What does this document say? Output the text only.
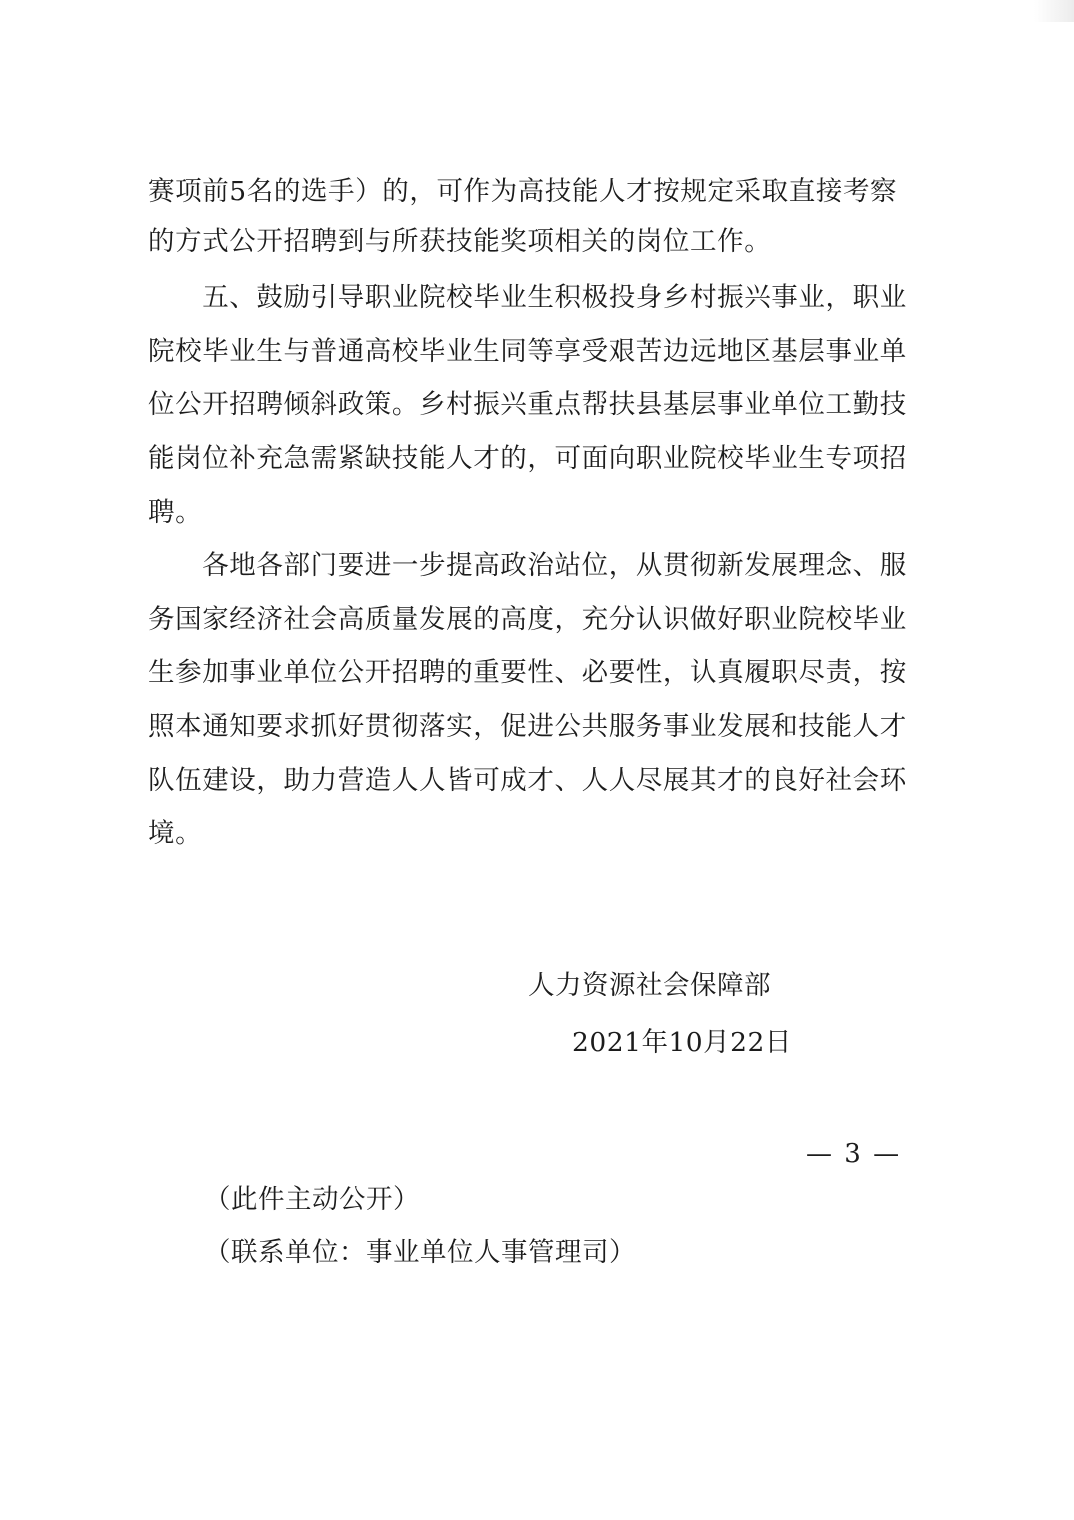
赛项前5名的选手）的，可作为高技能人才按规定采取直接考察
的方式公开招聘到与所获技能奖项相关的岗位工作。
　　五、鼓励引导职业院校毕业生积极投身乡村振兴事业，职业
院校毕业生与普通高校毕业生同等享受艰苦边远地区基层事业单
位公开招聘倾斜政策。乡村振兴重点帮扶县基层事业单位工勤技
能岗位补充急需紧缺技能人才的，可面向职业院校毕业生专项招
聘。
　　各地各部门要进一步提高政治站位，从贯彻新发展理念、服
务国家经济社会高质量发展的高度，充分认识做好职业院校毕业
生参加事业单位公开招聘的重要性、必要性，认真履职尽责，按
照本通知要求抓好贯彻落实，促进公共服务事业发展和技能人才
队伍建设，助力营造人人皆可成才、人人尽展其才的良好社会环
境。
人力资源社会保障部
2021年10月22日
（此件主动公开）
（联系单位：事业单位人事管理司）
— 3 —
